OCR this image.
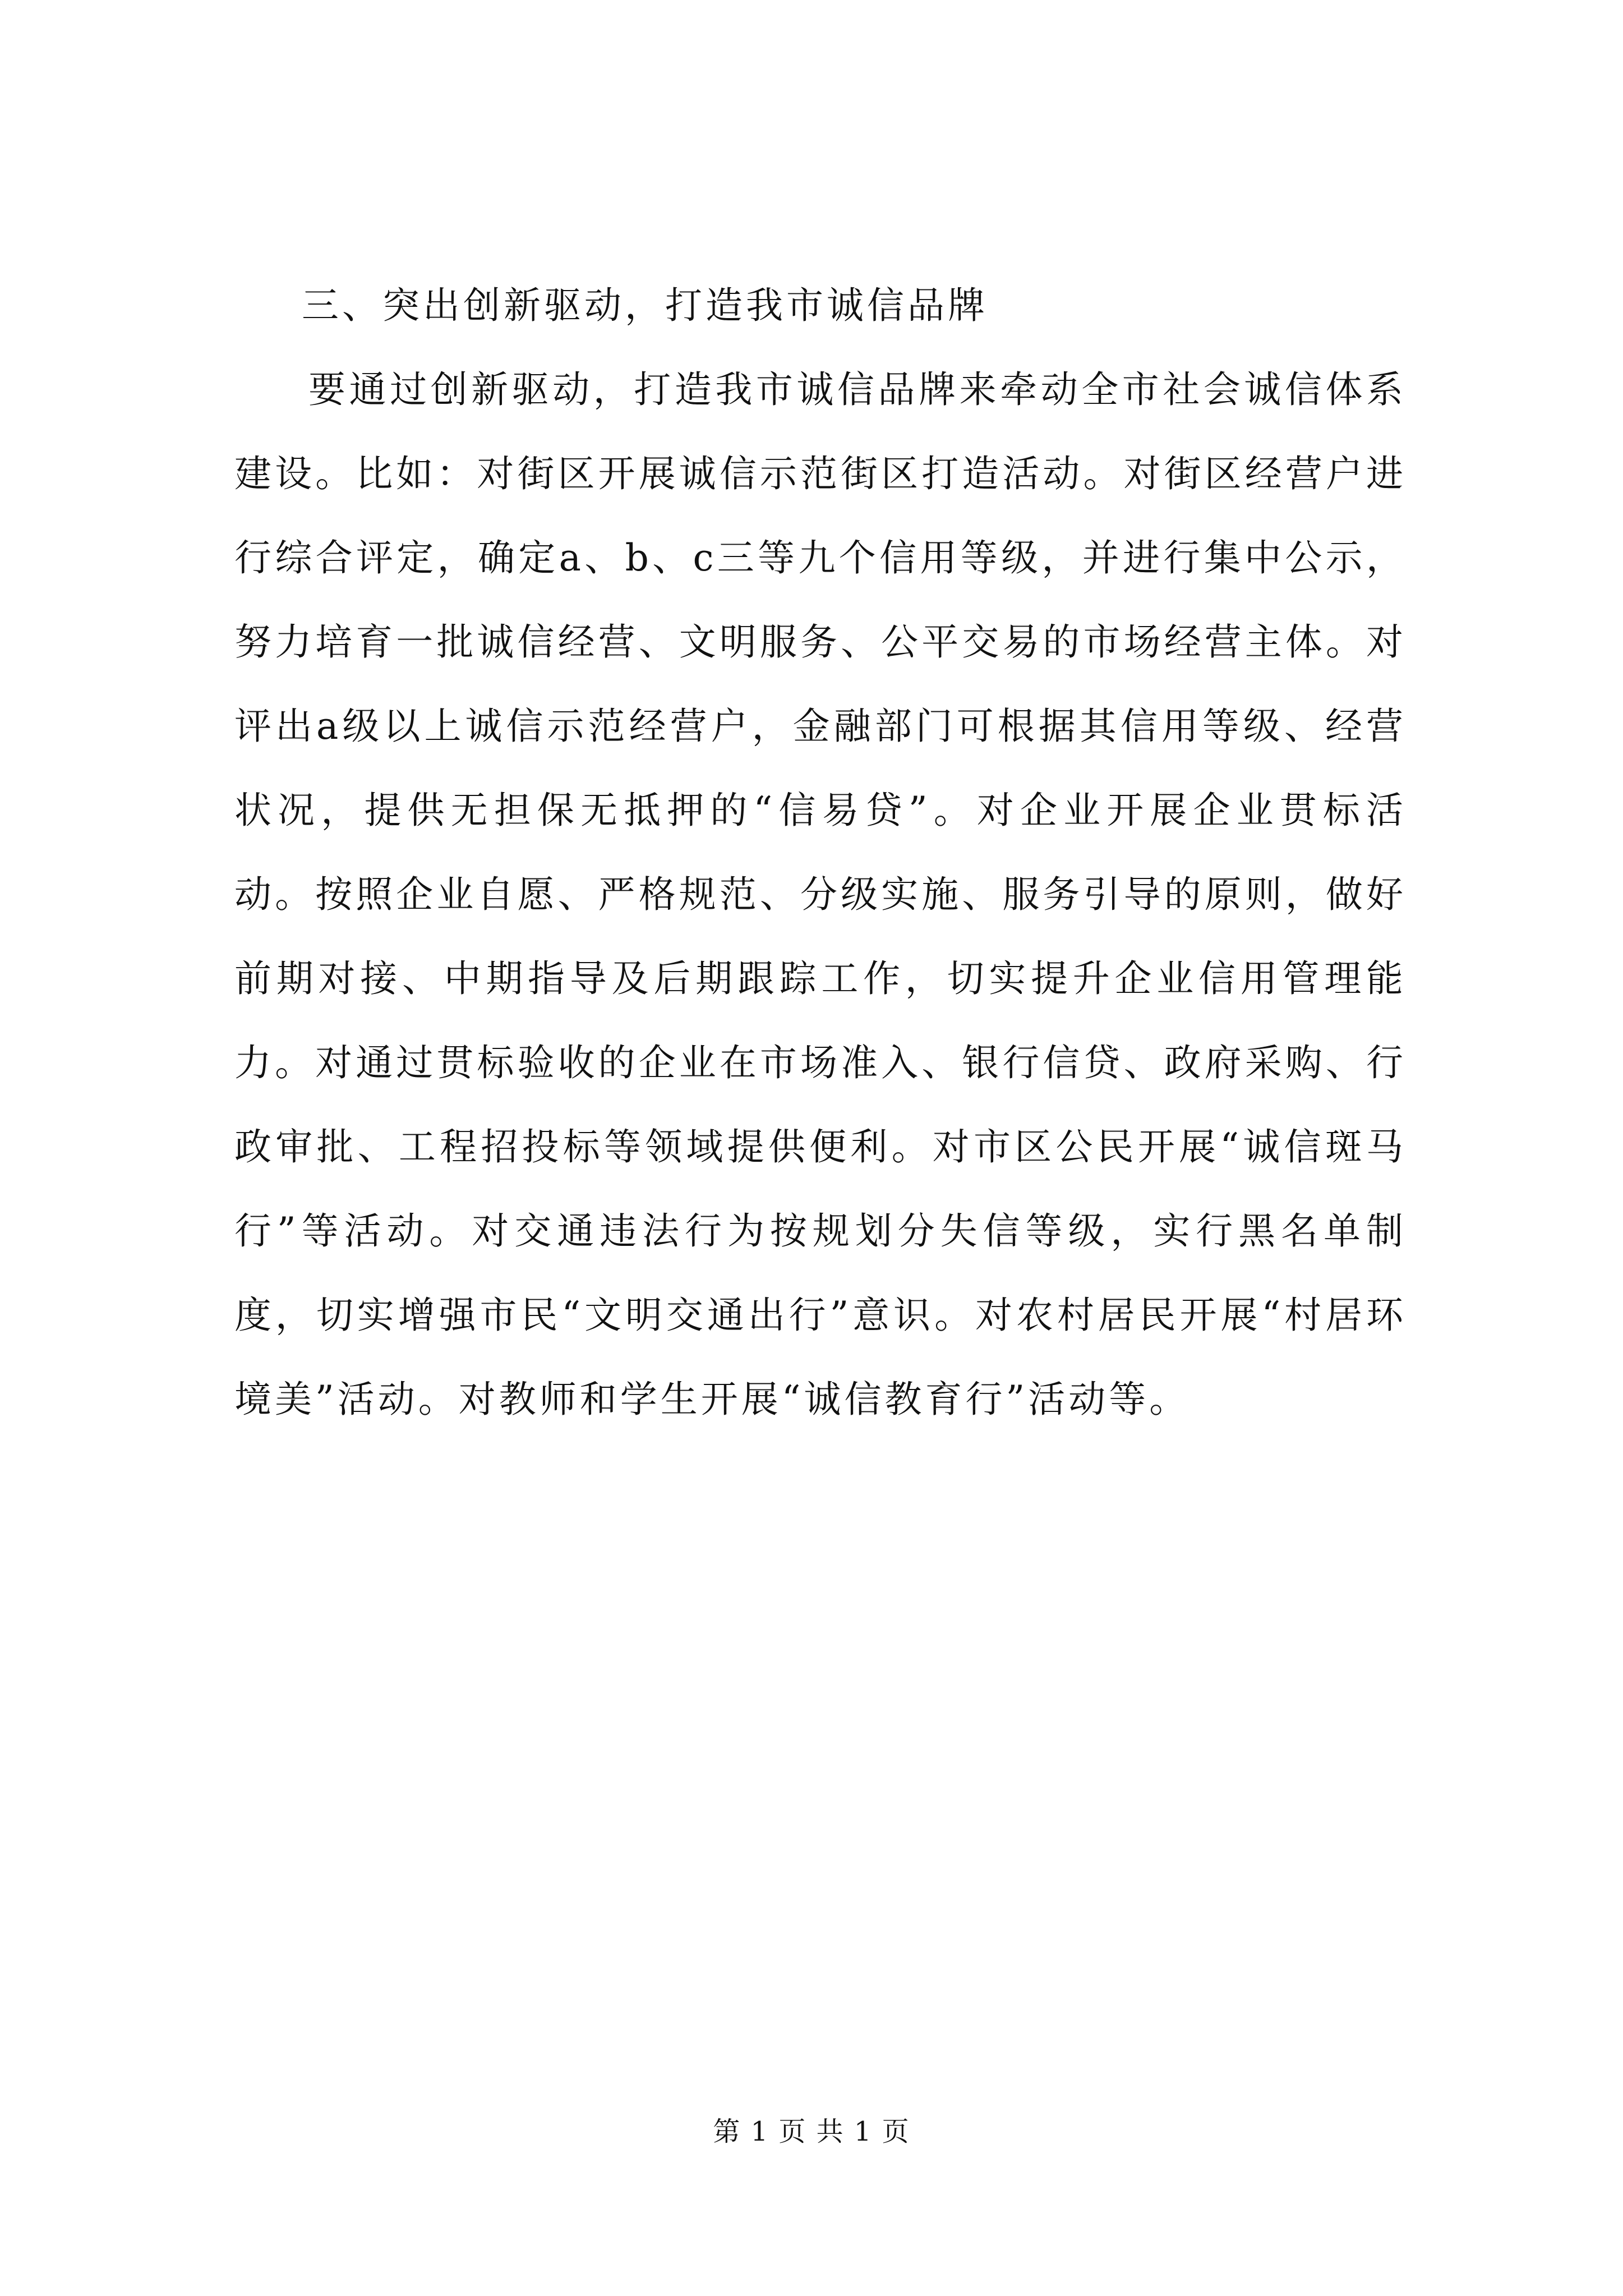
三、突出创新驱动，打造我市诚信品牌

要通过创新驱动，打造我市诚信品牌来牵动全市社会诚信体系建设。比如：对街区开展诚信示范街区打造活动。对街区经营户进行综合评定，确定a、b、c三等九个信用等级，并进行集中公示，努力培育一批诚信经营、文明服务、公平交易的市场经营主体。对评出a级以上诚信示范经营户，金融部门可根据其信用等级、经营状况，提供无担保无抵押的“信易贷”。对企业开展企业贯标活动。按照企业自愿、严格规范、分级实施、服务引导的原则，做好前期对接、中期指导及后期跟踪工作，切实提升企业信用管理能力。对通过贯标验收的企业在市场准入、银行信贷、政府采购、行政审批、工程招投标等领域提供便利。对市区公民开展“诚信斑马行”等活动。对交通违法行为按规划分失信等级，实行黑名单制度，切实增强市民“文明交通出行”意识。对农村居民开展“村居环境美”活动。对教师和学生开展“诚信教育行”活动等。

第 1 页 共 1 页
